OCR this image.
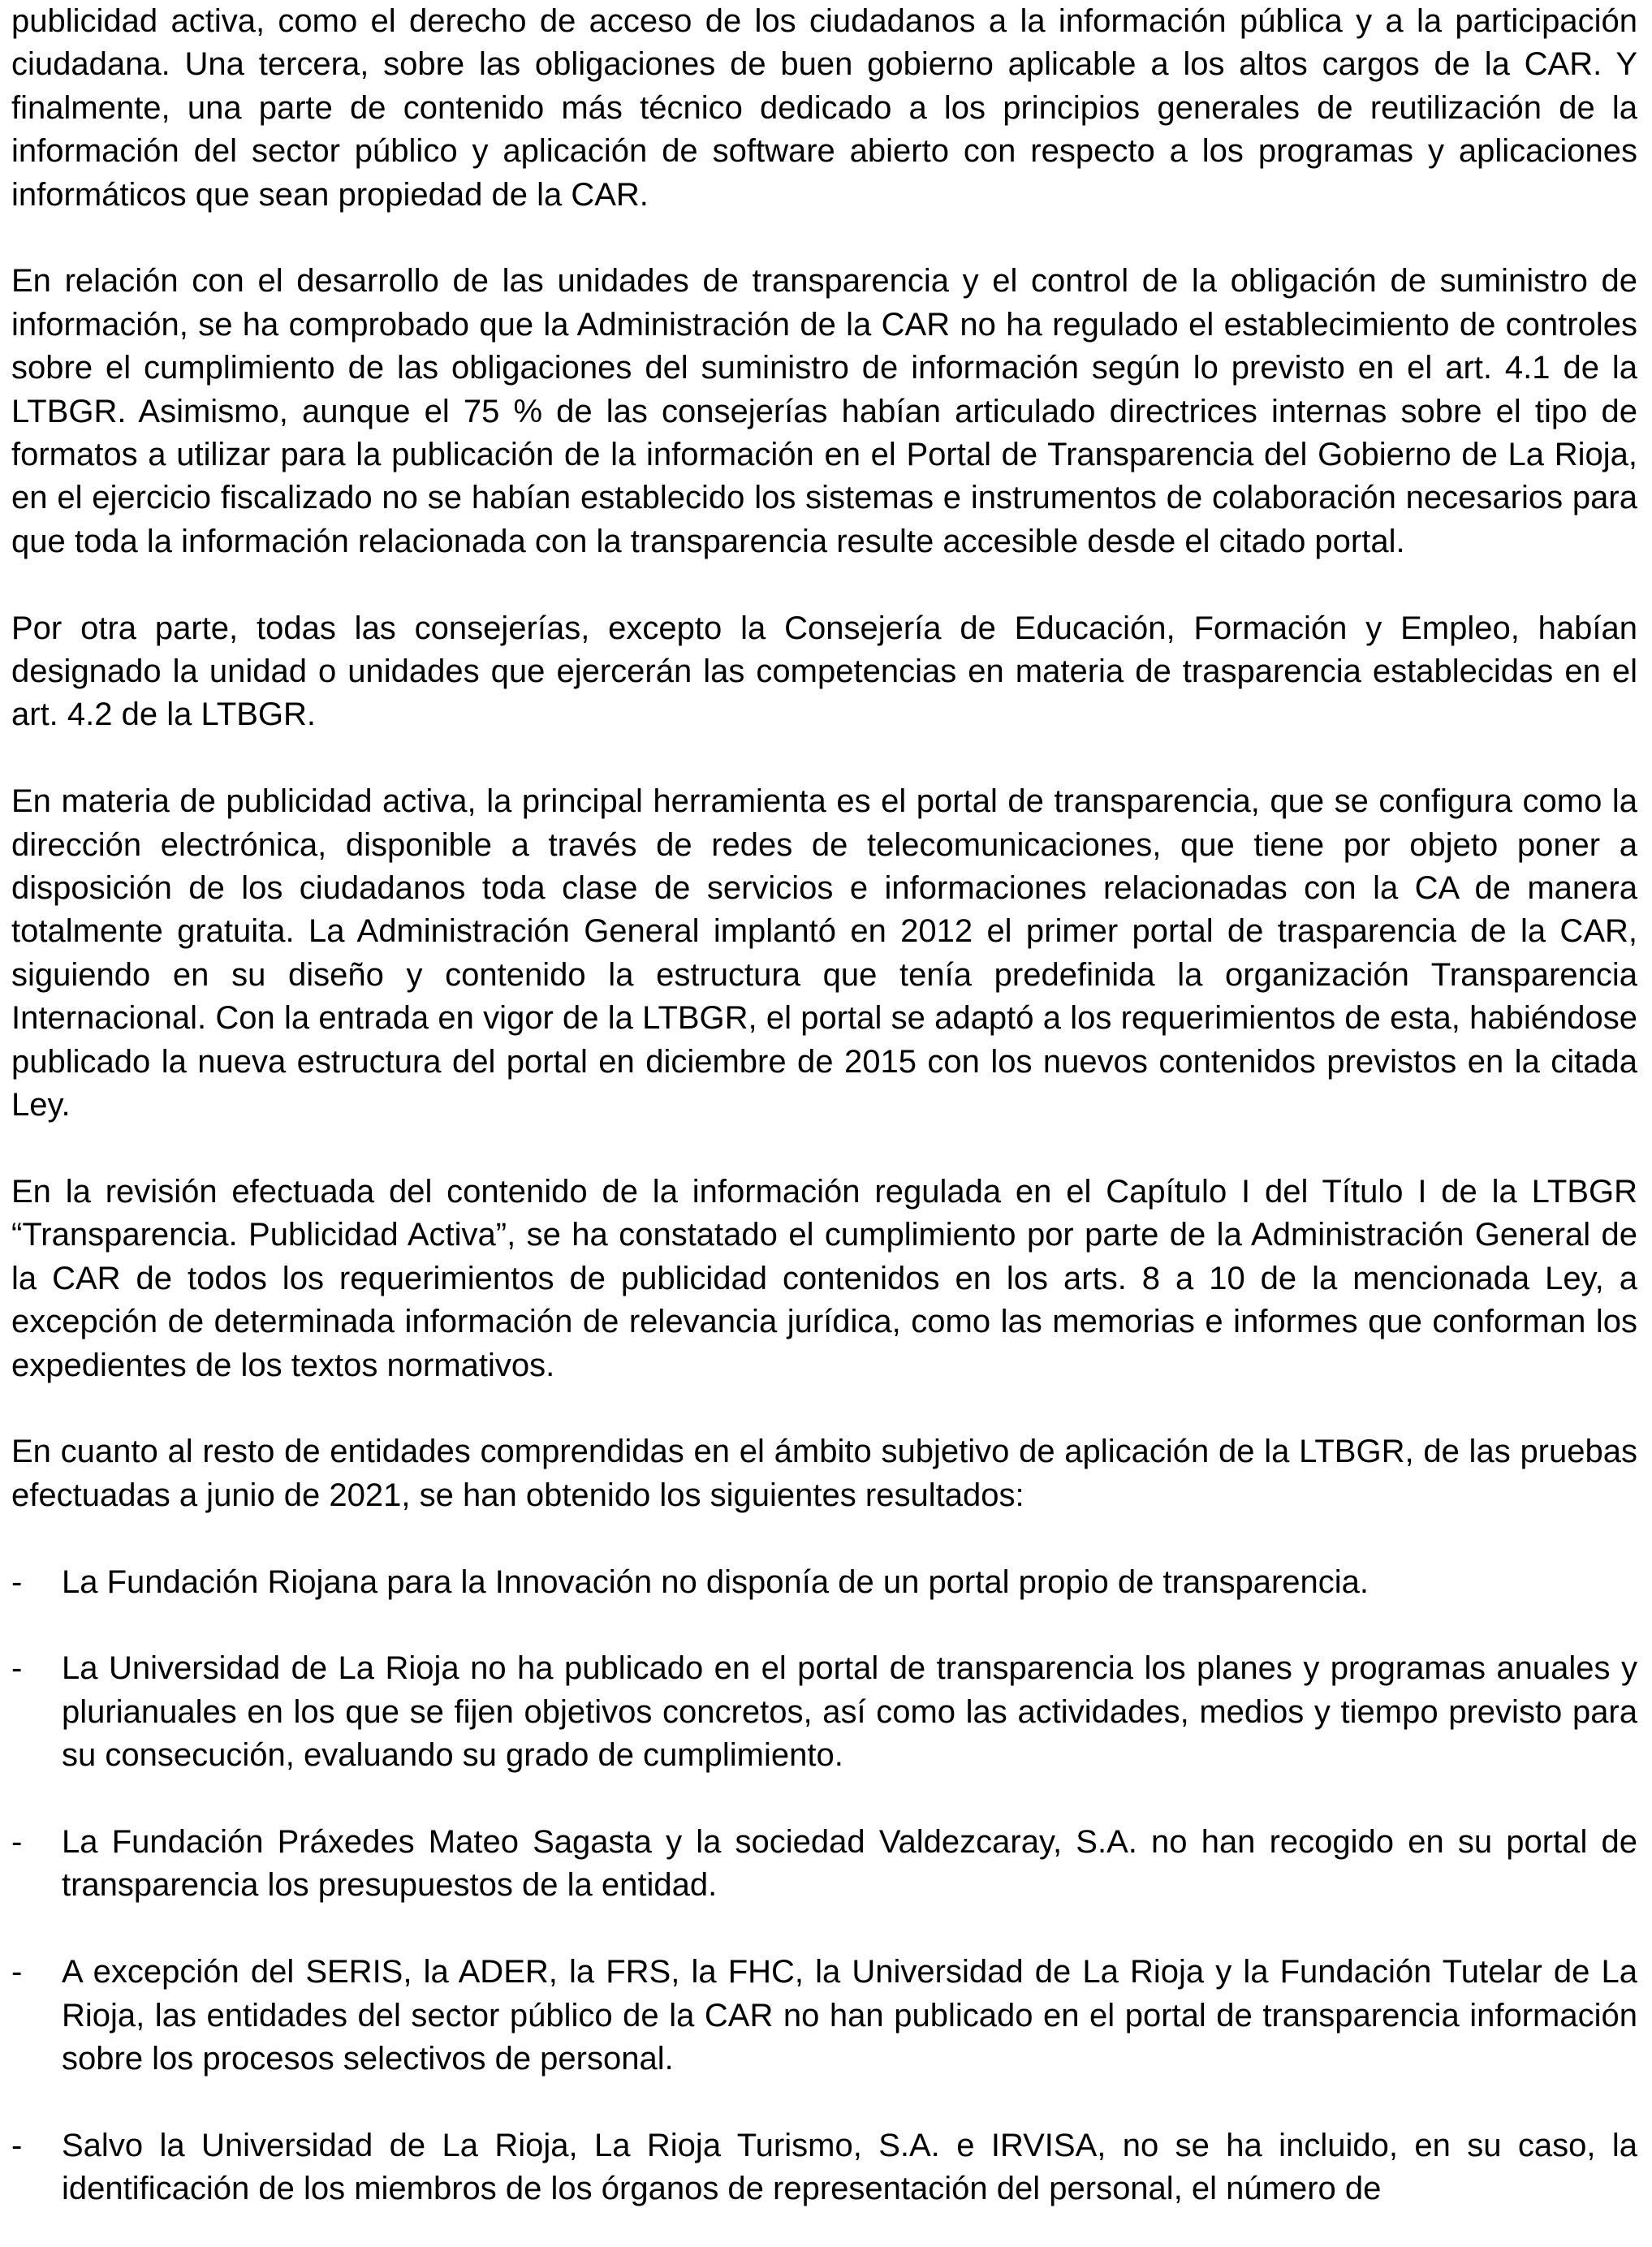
publicidad activa, como el derecho de acceso de los ciudadanos a la información pública y a la participación ciudadana. Una tercera, sobre las obligaciones de buen gobierno aplicable a los altos cargos de la CAR. Y finalmente, una parte de contenido más técnico dedicado a los principios generales de reutilización de la información del sector público y aplicación de software abierto con respecto a los programas y aplicaciones informáticos que sean propiedad de la CAR.

En relación con el desarrollo de las unidades de transparencia y el control de la obligación de suministro de información, se ha comprobado que la Administración de la CAR no ha regulado el establecimiento de controles sobre el cumplimiento de las obligaciones del suministro de información según lo previsto en el art. 4.1 de la LTBGR. Asimismo, aunque el 75 % de las consejerías habían articulado directrices internas sobre el tipo de formatos a utilizar para la publicación de la información en el Portal de Transparencia del Gobierno de La Rioja, en el ejercicio fiscalizado no se habían establecido los sistemas e instrumentos de colaboración necesarios para que toda la información relacionada con la transparencia resulte accesible desde el citado portal.

Por otra parte, todas las consejerías, excepto la Consejería de Educación, Formación y Empleo, habían designado la unidad o unidades que ejercerán las competencias en materia de trasparencia establecidas en el art. 4.2 de la LTBGR.

En materia de publicidad activa, la principal herramienta es el portal de transparencia, que se configura como la dirección electrónica, disponible a través de redes de telecomunicaciones, que tiene por objeto poner a disposición de los ciudadanos toda clase de servicios e informaciones relacionadas con la CA de manera totalmente gratuita. La Administración General implantó en 2012 el primer portal de trasparencia de la CAR, siguiendo en su diseño y contenido la estructura que tenía predefinida la organización Transparencia Internacional. Con la entrada en vigor de la LTBGR, el portal se adaptó a los requerimientos de esta, habiéndose publicado la nueva estructura del portal en diciembre de 2015 con los nuevos contenidos previstos en la citada Ley.

En la revisión efectuada del contenido de la información regulada en el Capítulo I del Título I de la LTBGR “Transparencia. Publicidad Activa”, se ha constatado el cumplimiento por parte de la Administración General de la CAR de todos los requerimientos de publicidad contenidos en los arts. 8 a 10 de la mencionada Ley, a excepción de determinada información de relevancia jurídica, como las memorias e informes que conforman los expedientes de los textos normativos.

En cuanto al resto de entidades comprendidas en el ámbito subjetivo de aplicación de la LTBGR, de las pruebas efectuadas a junio de 2021, se han obtenido los siguientes resultados:

- La Fundación Riojana para la Innovación no disponía de un portal propio de transparencia.
- La Universidad de La Rioja no ha publicado en el portal de transparencia los planes y programas anuales y plurianuales en los que se fijen objetivos concretos, así como las actividades, medios y tiempo previsto para su consecución, evaluando su grado de cumplimiento.
- La Fundación Práxedes Mateo Sagasta y la sociedad Valdezcaray, S.A. no han recogido en su portal de transparencia los presupuestos de la entidad.
- A excepción del SERIS, la ADER, la FRS, la FHC, la Universidad de La Rioja y la Fundación Tutelar de La Rioja, las entidades del sector público de la CAR no han publicado en el portal de transparencia información sobre los procesos selectivos de personal.
- Salvo la Universidad de La Rioja, La Rioja Turismo, S.A. e IRVISA, no se ha incluido, en su caso, la identificación de los miembros de los órganos de representación del personal, el número de
